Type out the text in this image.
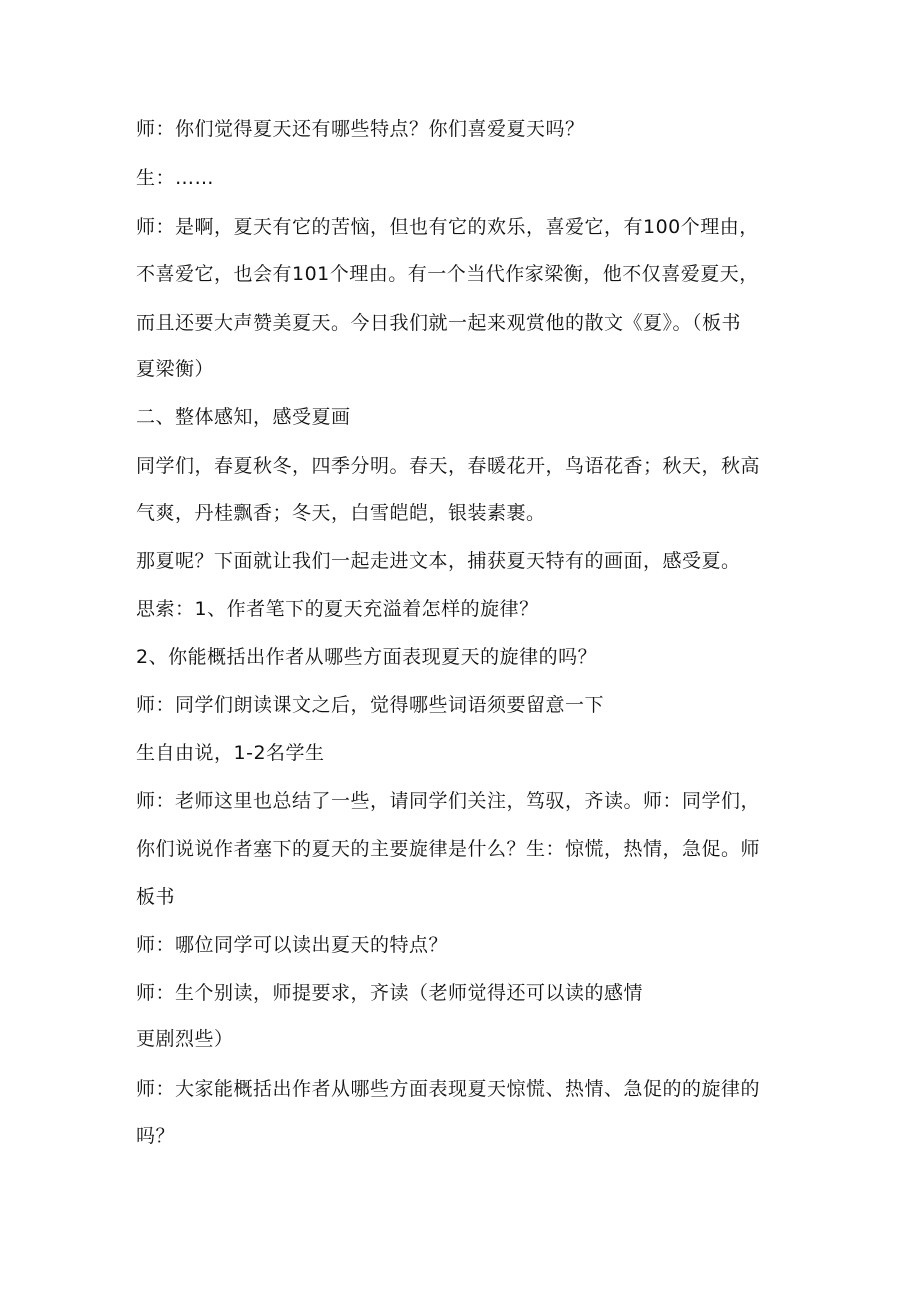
师：你们觉得夏天还有哪些特点？你们喜爱夏天吗？
生：……
师：是啊，夏天有它的苦恼，但也有它的欢乐，喜爱它，有100个理由，
不喜爱它，也会有101个理由。有一个当代作家梁衡，他不仅喜爱夏天，
而且还要大声赞美夏天。今日我们就一起来观赏他的散文《夏》。（板书
夏梁衡）
二、整体感知，感受夏画
同学们，春夏秋冬，四季分明。春天，春暖花开，鸟语花香；秋天，秋高
气爽，丹桂飘香；冬天，白雪皑皑，银装素裹。
那夏呢？下面就让我们一起走进文本，捕获夏天特有的画面，感受夏。
思索：1、作者笔下的夏天充溢着怎样的旋律？
2、你能概括出作者从哪些方面表现夏天的旋律的吗？
师：同学们朗读课文之后，觉得哪些词语须要留意一下
生自由说，1-2名学生
师：老师这里也总结了一些，请同学们关注，笃驭，齐读。师：同学们，
你们说说作者塞下的夏天的主要旋律是什么？生：惊慌，热情，急促。师
板书
师：哪位同学可以读出夏天的特点？
师：生个别读，师提要求，齐读（老师觉得还可以读的感情
更剧烈些）
师：大家能概括出作者从哪些方面表现夏天惊慌、热情、急促的的旋律的
吗？
